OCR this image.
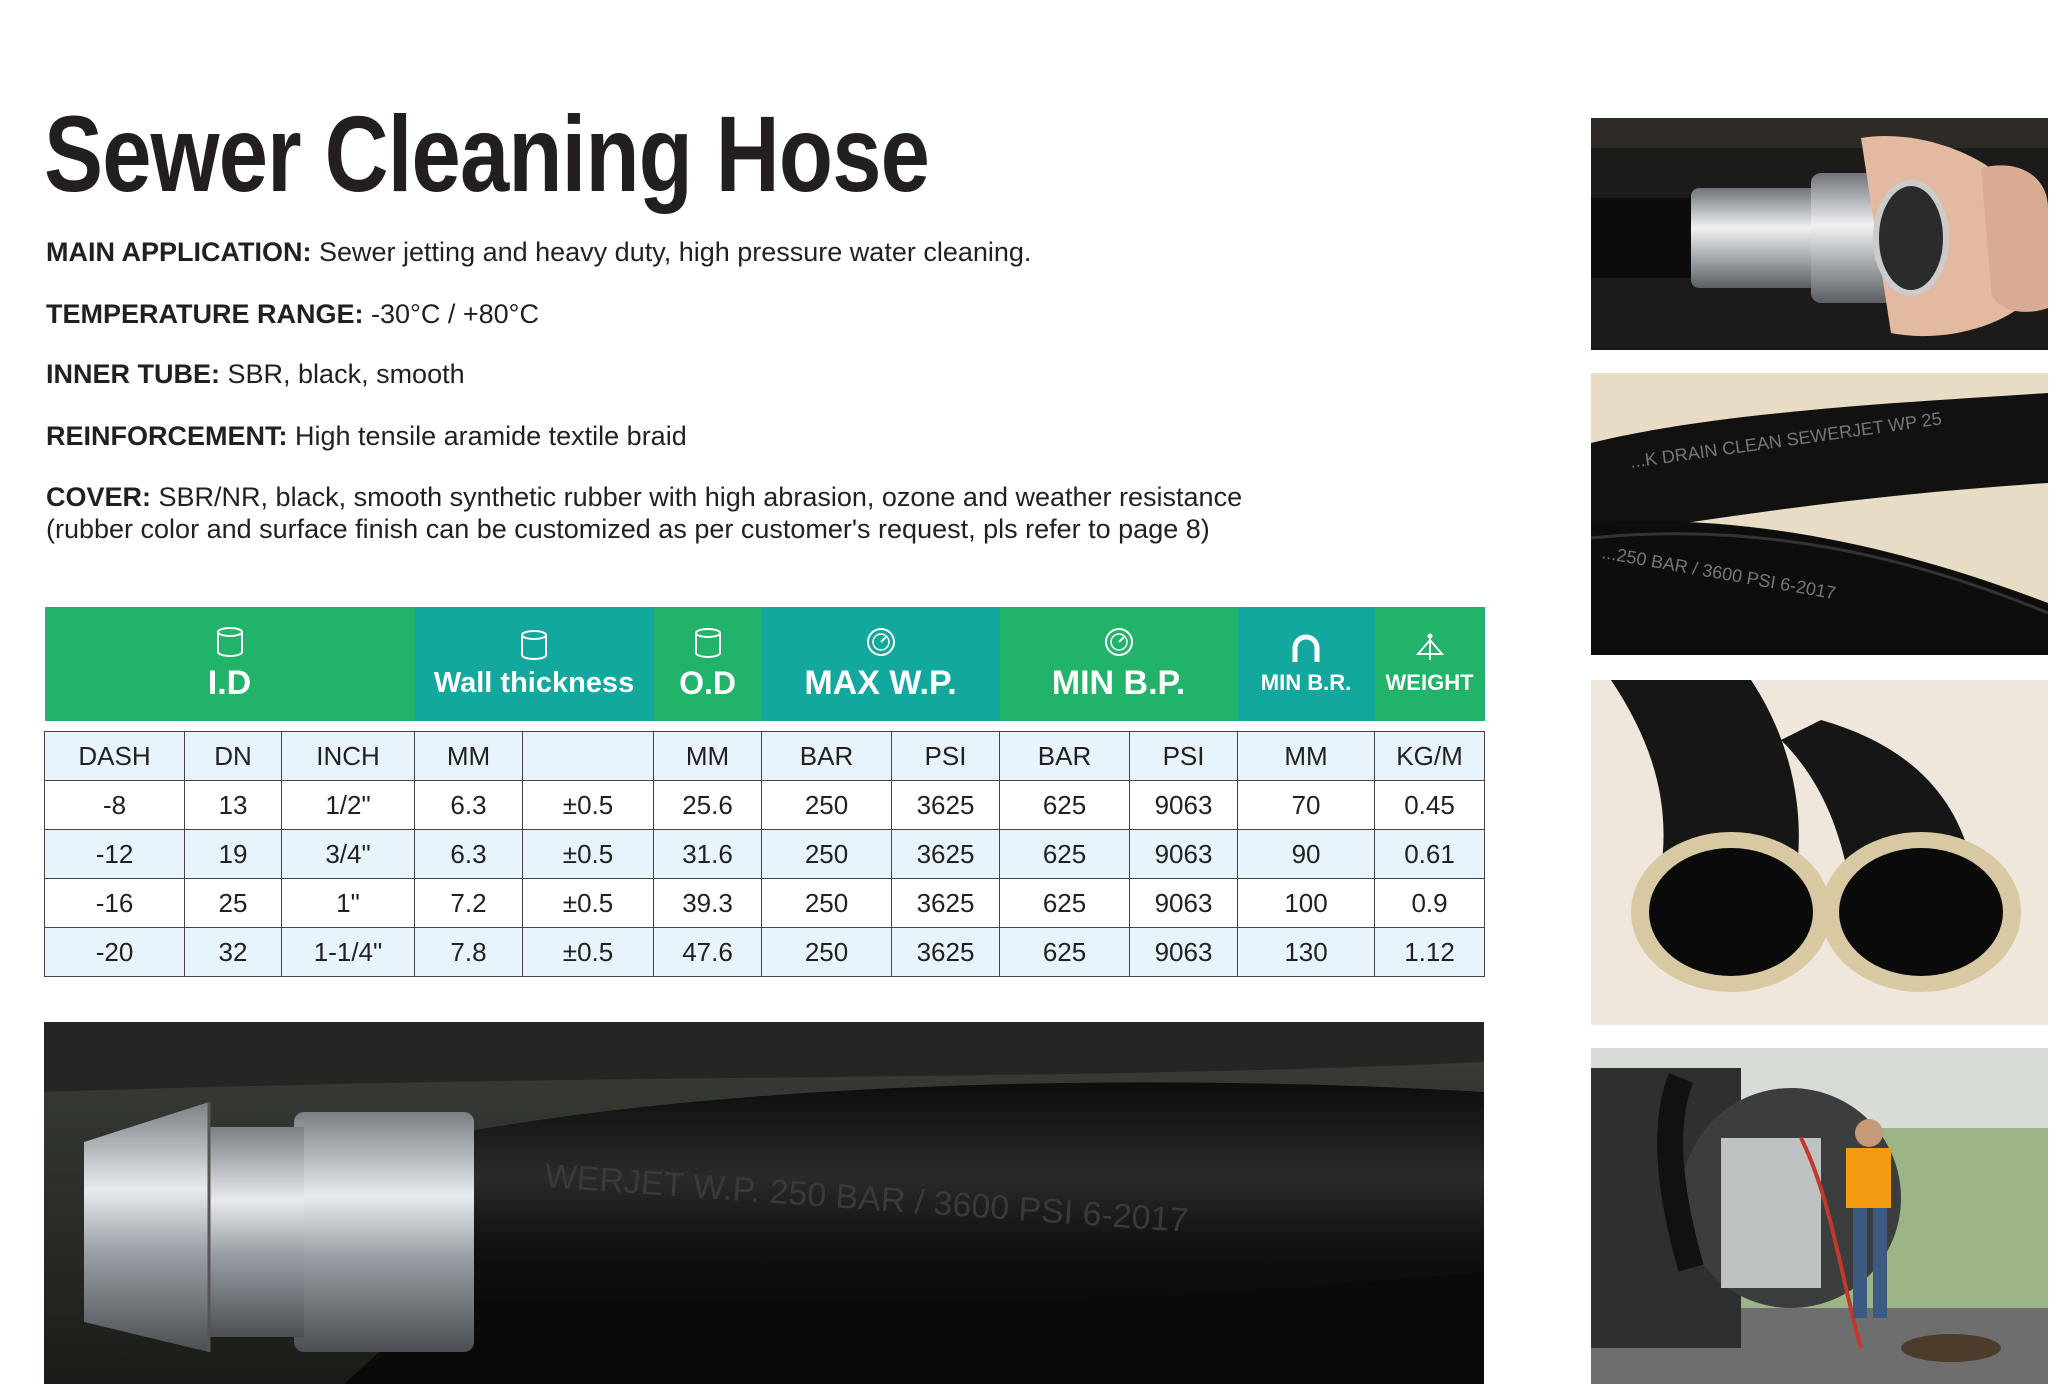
Sewer Cleaning Hose

MAIN APPLICATION: Sewer jetting and heavy duty, high pressure water cleaning.

TEMPERATURE RANGE: -30°C / +80°C

INNER TUBE: SBR, black, smooth

REINFORCEMENT: High tensile aramide textile braid

COVER: SBR/NR, black, smooth synthetic rubber with high abrasion, ozone and weather resistance
(rubber color and surface finish can be customized as per customer's request, pls refer to page 8)

I.D			Wall thickness		O.D	MAX W.P.		MIN B.P.		MIN B.R.	WEIGHT

DASH	DN	INCH	MM		MM	BAR	PSI	BAR	PSI	MM	KG/M
-8	13	1/2"	6.3	±0.5	25.6	250	3625	625	9063	70	0.45
-12	19	3/4"	6.3	±0.5	31.6	250	3625	625	9063	90	0.61
-16	25	1"	7.2	±0.5	39.3	250	3625	625	9063	100	0.9
-20	32	1-1/4"	7.8	±0.5	47.6	250	3625	625	9063	130	1.12
WERJET W.P. 250 BAR / 3600 PSI 6-2017
...K DRAIN CLEAN SEWERJET WP 25
...250 BAR / 3600 PSI 6-2017
